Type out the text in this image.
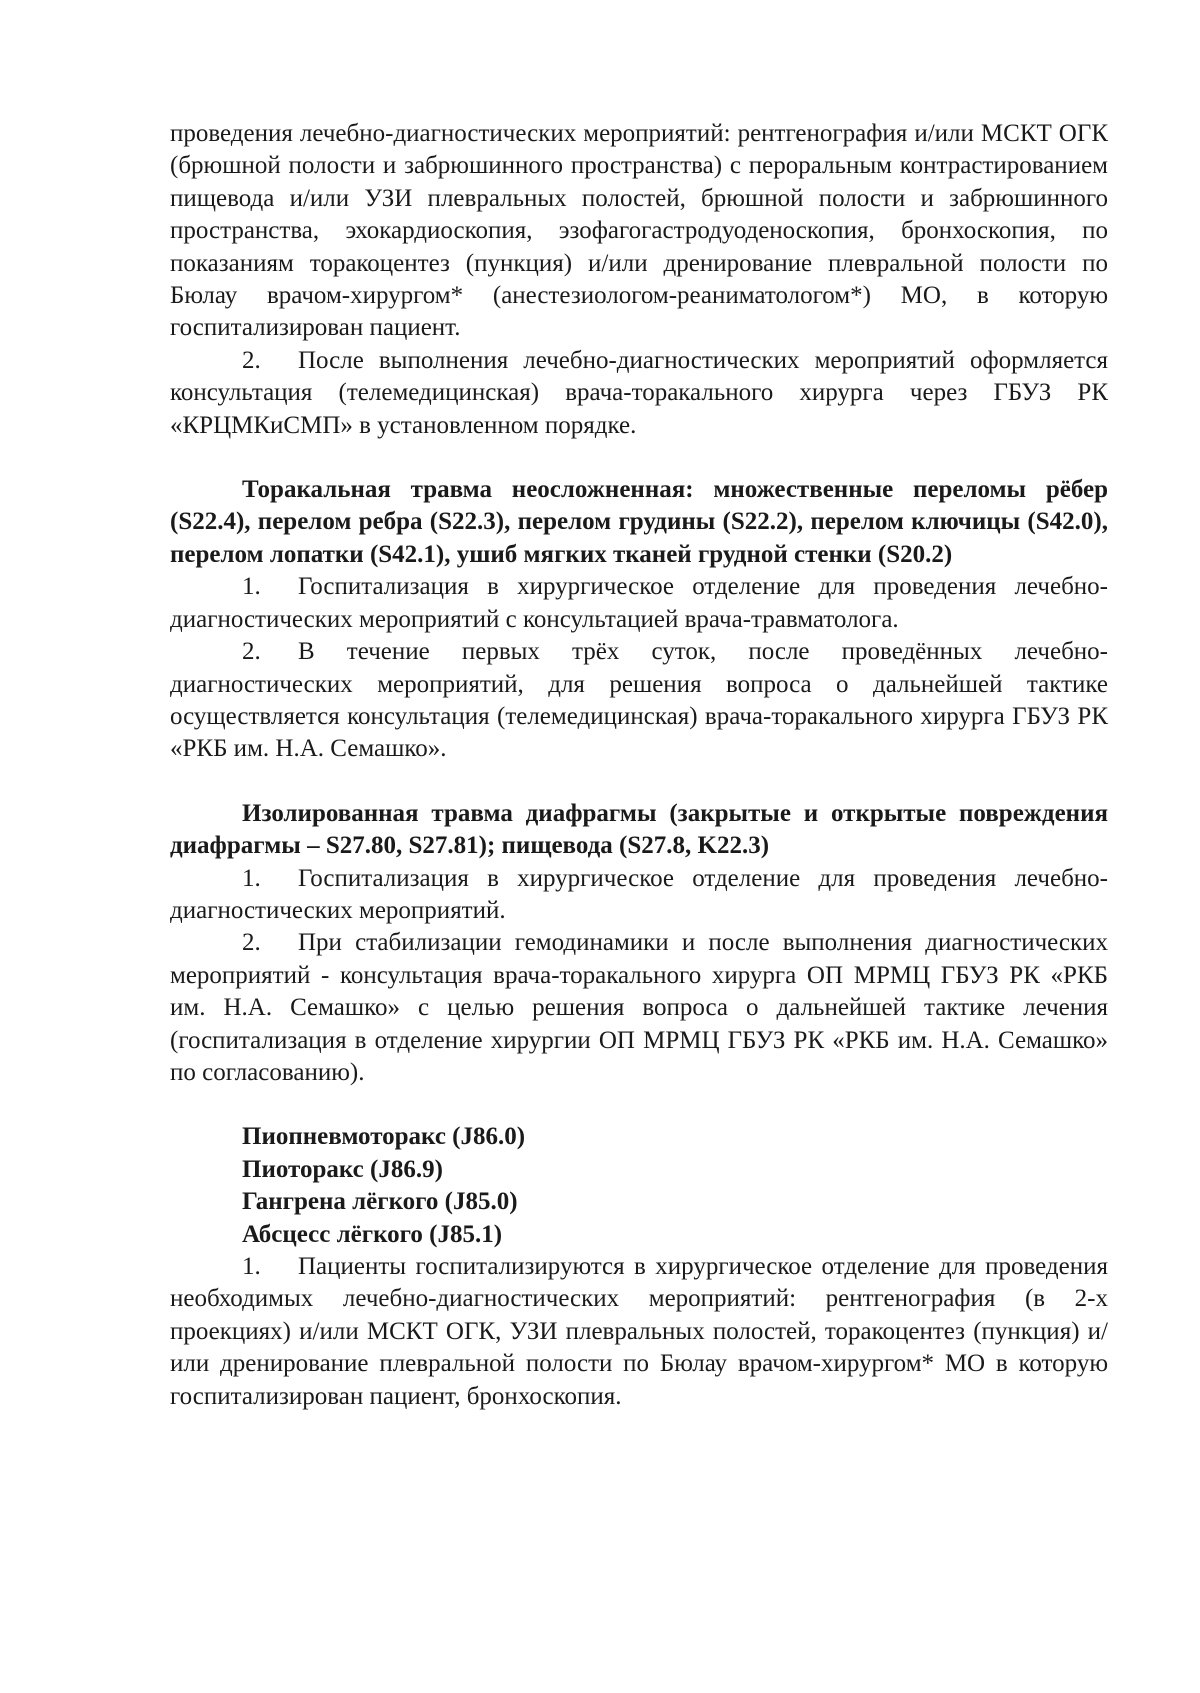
проведения лечебно-диагностических мероприятий: рентгенография и/или МСКТ ОГК (брюшной полости и забрюшинного пространства) с пероральным контрастированием пищевода и/или УЗИ плевральных полостей, брюшной полости и забрюшинного пространства, эхокардиоскопия, эзофагогастродуоденоскопия, бронхоскопия, по показаниям торакоцентез (пункция) и/или дренирование плевральной полости по Бюлау врачом-хирургом* (анестезиологом-реаниматологом*) МО, в которую госпитализирован пациент.

2. После выполнения лечебно-диагностических мероприятий оформляется консультация (телемедицинская) врача-торакального хирурга через ГБУЗ РК «КРЦМКиСМП» в установленном порядке.

Торакальная травма неосложненная: множественные переломы рёбер (S22.4), перелом ребра (S22.3), перелом грудины (S22.2), перелом ключицы (S42.0), перелом лопатки (S42.1), ушиб мягких тканей грудной стенки (S20.2)

1. Госпитализация в хирургическое отделение для проведения лечебно-диагностических мероприятий с консультацией врача-травматолога.

2. В течение первых трёх суток, после проведённых лечебно-диагностических мероприятий, для решения вопроса о дальнейшей тактике осуществляется консультация (телемедицинская) врача-торакального хирурга ГБУЗ РК «РКБ им. Н.А. Семашко».

Изолированная травма диафрагмы (закрытые и открытые повреждения диафрагмы – S27.80, S27.81); пищевода (S27.8, K22.3)

1. Госпитализация в хирургическое отделение для проведения лечебно-диагностических мероприятий.

2. При стабилизации гемодинамики и после выполнения диагностических мероприятий - консультация врача-торакального хирурга ОП МРМЦ ГБУЗ РК «РКБ им. Н.А. Семашко» с целью решения вопроса о дальнейшей тактике лечения (госпитализация в отделение хирургии ОП МРМЦ ГБУЗ РК «РКБ им. Н.А. Семашко» по согласованию).

Пиопневмоторакс (J86.0)

Пиоторакс (J86.9)

Гангрена лёгкого (J85.0)

Абсцесс лёгкого (J85.1)

1. Пациенты госпитализируются в хирургическое отделение для проведения необходимых лечебно-диагностических мероприятий: рентгенография (в 2-х проекциях) и/или МСКТ ОГК, УЗИ плевральных полостей, торакоцентез (пункция) и/или дренирование плевральной полости по Бюлау врачом-хирургом* МО в которую госпитализирован пациент, бронхоскопия.
